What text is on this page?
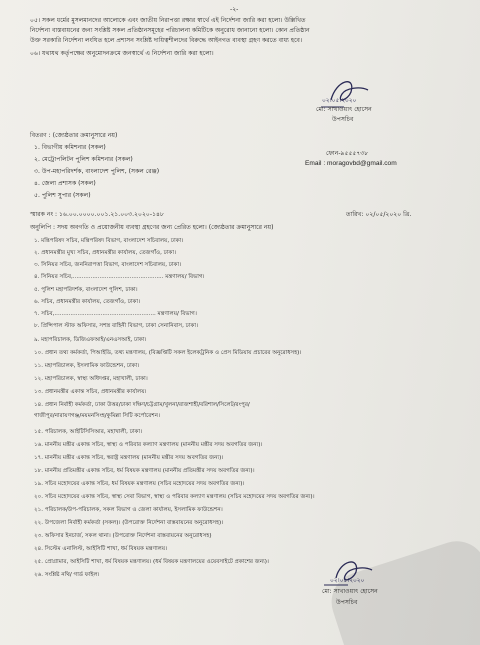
-২-
০৫। সকল ধর্মের মুসলমানদের আলোকে এবং জাতীয় নিরাপত্তা রক্ষার স্বার্থে এই নির্দেশনা জারি করা হলো। উল্লিখিত
নির্দেশনা বাস্তবায়নের জন্য সংশ্লিষ্ট সকল প্রতিষ্ঠানসমূহের পরিচালনা কমিটিকে অনুরোধ জানানো হলো। কোন প্রতিষ্ঠান
উক্ত সরকারি নির্দেশনা লংঘিত হলে প্রশাসন সংশ্লিষ্ট দায়িত্বশীলদের বিরুদ্ধে আইনগত ব্যবস্থা গ্রহণ করতে বাধ্য হবে।
০৬। যথাযথ কর্তৃপক্ষের অনুমোদনক্রমে জনস্বার্থে এ নির্দেশনা জারি করা হলো।
০২।০৫।২০২০
মো: সাখাওয়াৎ হোসেন
উপসচিব
বিতরণ : (জ্যেষ্ঠতার ক্রমানুসারে নয়)
ফোন-৯৫৫৫৭৩৮
Email : moragovbd@gmail.com
১. বিভাগীয় কমিশনার (সকল)
২. মেট্রোপলিটন পুলিশ কমিশনার (সকল)
৩. উপ-মহাপরিদর্শক, বাংলাদেশ পুলিশ, (সকল রেঞ্জ)
৪. জেলা প্রশাসক (সকল)
৫. পুলিশ সুপার (সকল)
স্মারক নং : ১৬.০০.০০০০.০০১.২১.০০৩.২০২০-১৪৮	তারিখ: ০২/০৫/২০২০ খ্রি.
অনুলিপি : সদয় অবগতি ও প্রয়োজনীয় ব্যবস্থা গ্রহণের জন্য প্রেরিত হলো। (জ্যেষ্ঠতার ক্রমানুসারে নয়)
১. মন্ত্রিপরিষদ সচিব, মন্ত্রিপরিষদ বিভাগ, বাংলাদেশ সচিবালয়, ঢাকা।
২. প্রধানমন্ত্রীর মুখ্য সচিব, প্রধানমন্ত্রীর কার্যালয়, তেজগাঁও, ঢাকা।
৩. সিনিয়র সচিব, জননিরাপত্তা বিভাগ, বাংলাদেশ সচিবালয়, ঢাকা।
৪. সিনিয়র সচিব,................................................... মন্ত্রণালয়/ বিভাগ।
৫. পুলিশ মহাপরিদর্শক, বাংলাদেশ পুলিশ, ঢাকা।
৬. সচিব, প্রধানমন্ত্রীর কার্যালয়, তেজগাঁও, ঢাকা।
৭. সচিব,......................................................... মন্ত্রণালয়/ বিভাগ।
৮. প্রিন্সিপাল স্টাফ অফিসার, সশস্ত্র বাহিনী বিভাগ, ঢাকা সেনানিবাস, ঢাকা।
৯. মহাপরিচালক, ডিজিএফআই/এনএসআই, ঢাকা।
১০. প্রধান তথ্য কর্মকর্তা, পিআইডি, তথ্য মন্ত্রণালয়, (বিজ্ঞপ্তিটি সকল ইলেকট্রনিক ও প্রেস মিডিয়ায় প্রচারের অনুরোধসহ)।
১১. মহাপরিচালক, ইসলামিক ফাউন্ডেশন, ঢাকা।
১২. মহাপরিচালক, স্বাস্থ্য অধিদপ্তর, মহাখালী, ঢাকা।
১৩. প্রধানমন্ত্রীর একান্ত সচিব, প্রধানমন্ত্রীর কার্যালয়।
১৪. প্রধান নির্বাহী কর্মকর্তা, ঢাকা উত্তর/ঢাকা দক্ষিণ/চট্টগ্রাম/খুলনা/রাজশাহী/বরিশাল/সিলেট/রংপুর/
গাজীপুর/নারায়ণগঞ্জ/ময়মনসিংহ/কুমিল্লা সিটি কর্পোরেশন।
১৫. পরিচালক, আইটিসিসিআর, মহাখালী, ঢাকা।
১৬. মাননীয় মন্ত্রীর একান্ত সচিব, স্বাস্থ্য ও পরিবার কল্যাণ মন্ত্রণালয় (মাননীয় মন্ত্রীর সদয় অবগতির জন্য)।
১৭. মাননীয় মন্ত্রীর একান্ত সচিব, স্বরাষ্ট্র মন্ত্রণালয় (মাননীয় মন্ত্রীর সদয় অবগতির জন্য)।
১৮. মাননীয় প্রতিমন্ত্রীর একান্ত সচিব, ধর্ম বিষয়ক মন্ত্রণালয় (মাননীয় প্রতিমন্ত্রীর সদয় অবগতির জন্য)।
১৯. সচিব মহোদয়ের একান্ত সচিব, ধর্ম বিষয়ক মন্ত্রণালয় (সচিব মহোদয়ের সদয় অবগতির জন্য)।
২০. সচিব মহোদয়ের একান্ত সচিব, স্বাস্থ্য সেবা বিভাগ, স্বাস্থ্য ও পরিবার কল্যাণ মন্ত্রণালয় (সচিব মহোদয়ের সদয় অবগতির জন্য)।
২১. পরিচালক/উপ-পরিচালক, সকল বিভাগ ও জেলা কার্যালয়, ইসলামিক ফাউন্ডেশন।
২২. উপজেলা নির্বাহী কর্মকর্তা (সকল)। (উপরোক্ত নির্দেশনা বাস্তবায়নের অনুরোধসহ)।
২৩. অফিসার ইনচার্জ, সকল থানা। (উপরোক্ত নির্দেশনা বাস্তবায়নের অনুরোধসহ)
২৪. সিস্টেম এনালিস্ট, আইসিটি শাখা, ধর্ম বিষয়ক মন্ত্রণালয়।
২৫. প্রোগ্রামার, আইসিটি শাখা, ধর্ম বিষয়ক মন্ত্রণালয়। (ধর্ম বিষয়ক মন্ত্রণালয়ের ওয়েবসাইটে প্রকাশের জন্য)।
২৬. সংশ্লিষ্ট নথি/ গার্ড ফাইল।
০২।০৫।২০২০
মো: সাখাওয়াৎ হোসেন
উপসচিব
